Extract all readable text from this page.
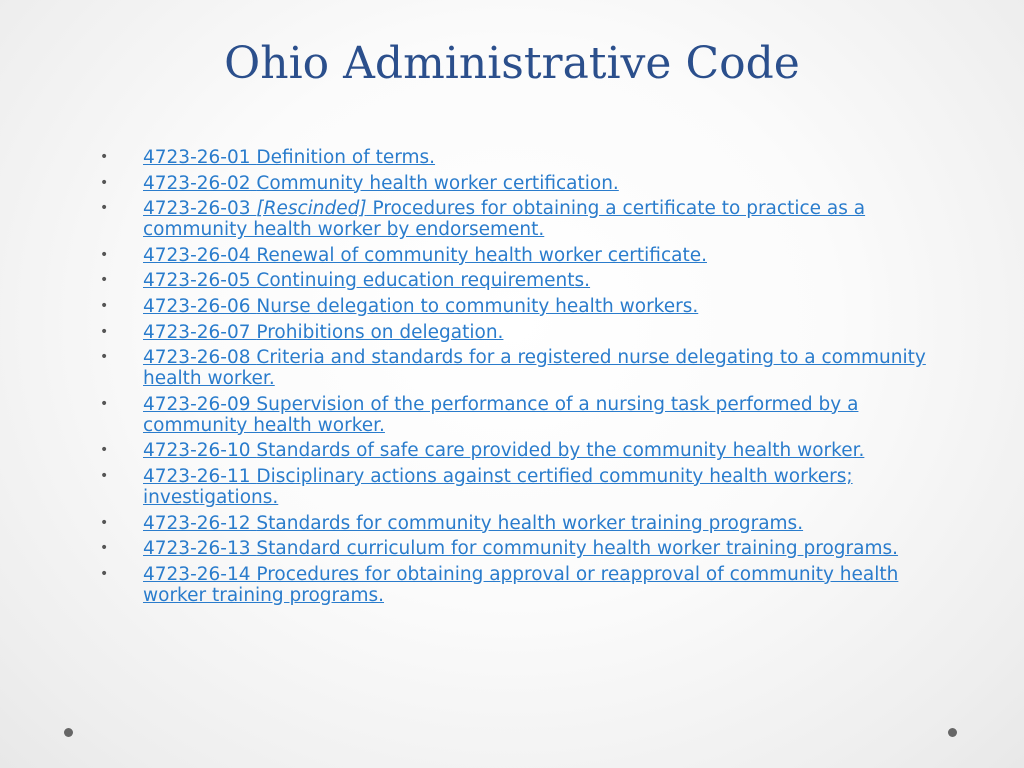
Ohio Administrative Code
• 4723-26-01 Definition of terms.
• 4723-26-02 Community health worker certification.
• 4723-26-03 [Rescinded] Procedures for obtaining a certificate to practice as a community health worker by endorsement.
• 4723-26-04 Renewal of community health worker certificate.
• 4723-26-05 Continuing education requirements.
• 4723-26-06 Nurse delegation to community health workers.
• 4723-26-07 Prohibitions on delegation.
• 4723-26-08 Criteria and standards for a registered nurse delegating to a community health worker.
• 4723-26-09 Supervision of the performance of a nursing task performed by a community health worker.
• 4723-26-10 Standards of safe care provided by the community health worker.
• 4723-26-11 Disciplinary actions against certified community health workers; investigations.
• 4723-26-12 Standards for community health worker training programs.
• 4723-26-13 Standard curriculum for community health worker training programs.
• 4723-26-14 Procedures for obtaining approval or reapproval of community health worker training programs.
